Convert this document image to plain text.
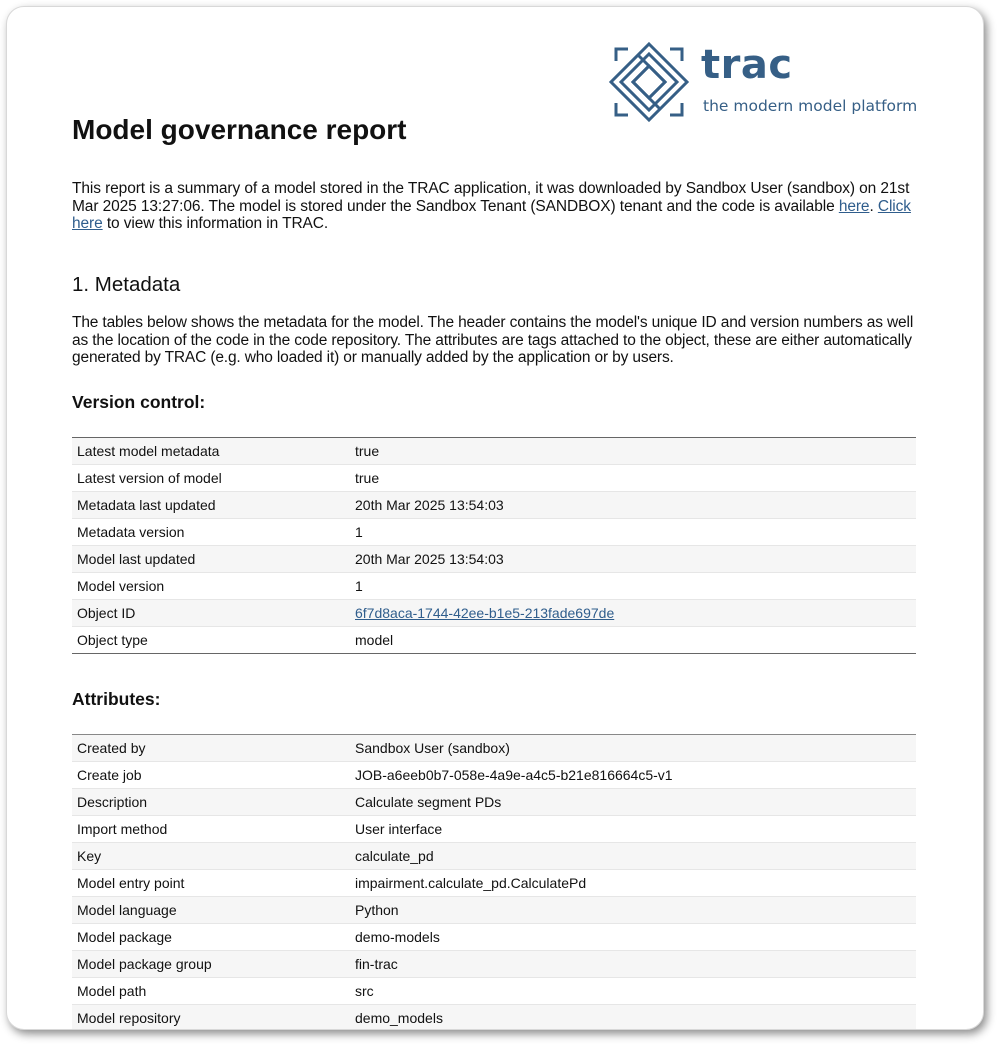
trac
the modern model platform
Model governance report

This report is a summary of a model stored in the TRAC application, it was downloaded by Sandbox User (sandbox) on 21st Mar 2025 13:27:06. The model is stored under the Sandbox Tenant (SANDBOX) tenant and the code is available here. Click here to view this information in TRAC.

1. Metadata

The tables below shows the metadata for the model. The header contains the model's unique ID and version numbers as well as the location of the code in the code repository. The attributes are tags attached to the object, these are either automatically generated by TRAC (e.g. who loaded it) or manually added by the application or by users.

Version control:
Latest model metadata	true
Latest version of model	true
Metadata last updated	20th Mar 2025 13:54:03
Metadata version	1
Model last updated	20th Mar 2025 13:54:03
Model version	1
Object ID	6f7d8aca-1744-42ee-b1e5-213fade697de
Object type	model
Attributes:
Created by	Sandbox User (sandbox)
Create job	JOB-a6eeb0b7-058e-4a9e-a4c5-b21e816664c5-v1
Description	Calculate segment PDs
Import method	User interface
Key	calculate_pd
Model entry point	impairment.calculate_pd.CalculatePd
Model language	Python
Model package	demo-models
Model package group	fin-trac
Model path	src
Model repository	demo_models
